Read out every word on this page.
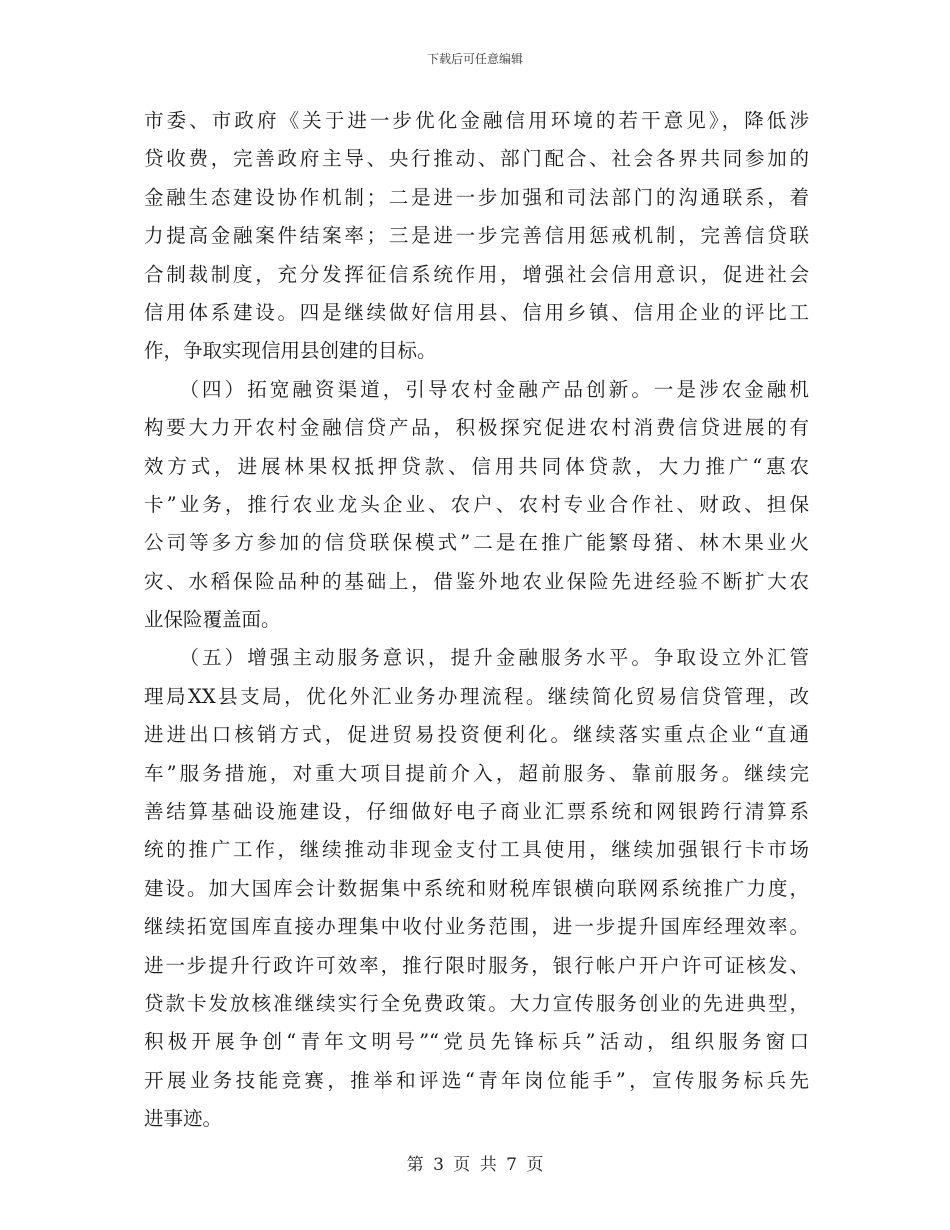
下载后可任意编辑
市委、市政府《关于进一步优化金融信用环境的若干意见》，降低涉
贷收费，完善政府主导、央行推动、部门配合、社会各界共同参加的
金融生态建设协作机制；二是进一步加强和司法部门的沟通联系，着
力提高金融案件结案率；三是进一步完善信用惩戒机制，完善信贷联
合制裁制度，充分发挥征信系统作用，增强社会信用意识，促进社会
信用体系建设。四是继续做好信用县、信用乡镇、信用企业的评比工
作，争取实现信用县创建的目标。
　　（四）拓宽融资渠道，引导农村金融产品创新。一是涉农金融机
构要大力开农村金融信贷产品，积极探究促进农村消费信贷进展的有
效方式，进展林果权抵押贷款、信用共同体贷款，大力推广“惠农
卡”业务，推行农业龙头企业、农户、农村专业合作社、财政、担保
公司等多方参加的信贷联保模式”二是在推广能繁母猪、林木果业火
灾、水稻保险品种的基础上，借鉴外地农业保险先进经验不断扩大农
业保险覆盖面。
　　（五）增强主动服务意识，提升金融服务水平。争取设立外汇管
理局XX县支局，优化外汇业务办理流程。继续简化贸易信贷管理，改
进进出口核销方式，促进贸易投资便利化。继续落实重点企业“直通
车”服务措施，对重大项目提前介入，超前服务、靠前服务。继续完
善结算基础设施建设，仔细做好电子商业汇票系统和网银跨行清算系
统的推广工作，继续推动非现金支付工具使用，继续加强银行卡市场
建设。加大国库会计数据集中系统和财税库银横向联网系统推广力度，
继续拓宽国库直接办理集中收付业务范围，进一步提升国库经理效率。
进一步提升行政许可效率，推行限时服务，银行帐户开户许可证核发、
贷款卡发放核准继续实行全免费政策。大力宣传服务创业的先进典型，
积极开展争创“青年文明号”“党员先锋标兵”活动，组织服务窗口
开展业务技能竞赛，推举和评选“青年岗位能手”，宣传服务标兵先
进事迹。
第 3 页 共 7 页
